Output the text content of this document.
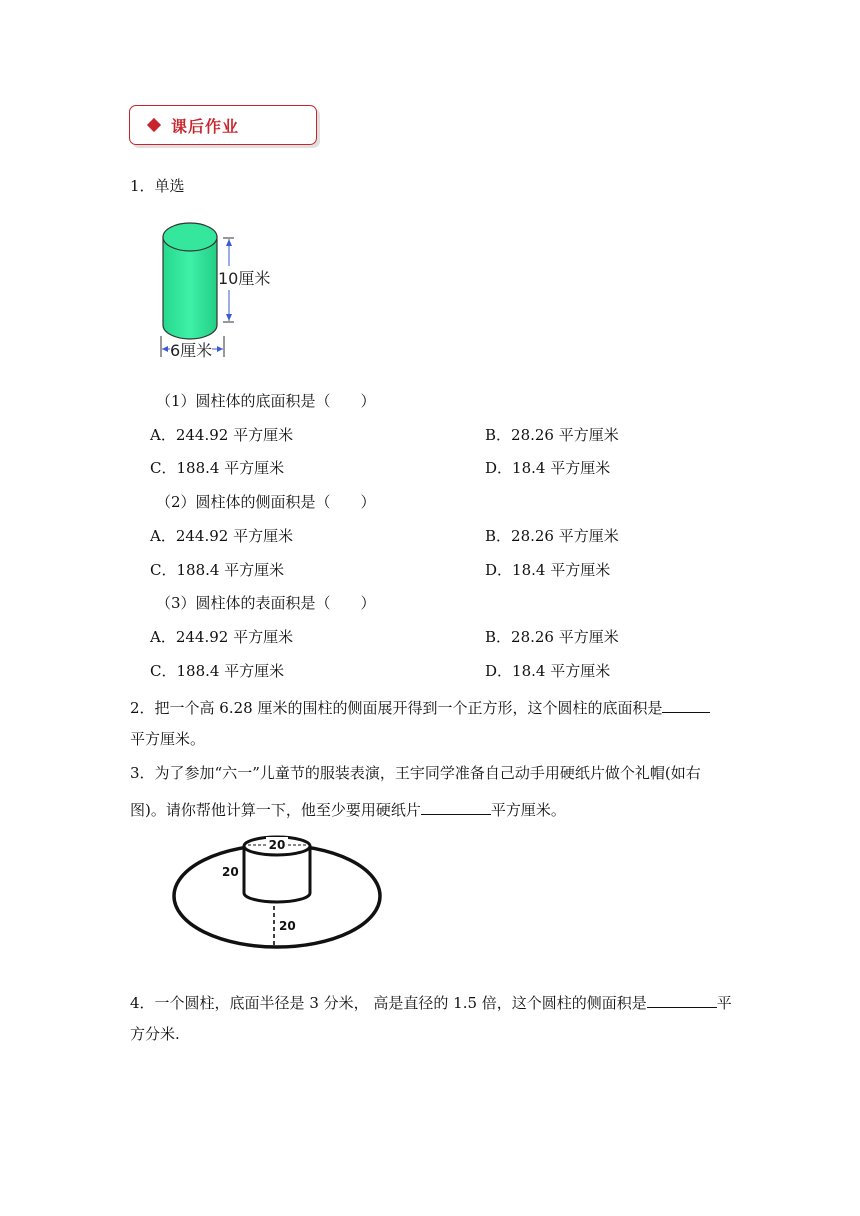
课后作业
1．单选
10厘米
6厘米
（1）圆柱体的底面积是（　　）
A．244.92 平方厘米	B．28.26 平方厘米
C．188.4 平方厘米	D．18.4 平方厘米
（2）圆柱体的侧面积是（　　）
A．244.92 平方厘米	B．28.26 平方厘米
C．188.4 平方厘米	D．18.4 平方厘米
（3）圆柱体的表面积是（　　）
A．244.92 平方厘米	B．28.26 平方厘米
C．188.4 平方厘米	D．18.4 平方厘米
2．把一个高 6.28 厘米的围柱的侧面展开得到一个正方形，这个圆柱的底面积是
平方厘米。
3．为了参加“六一”儿童节的服装表演，王宇同学准备自己动手用硬纸片做个礼帽(如右
图)。请你帮他计算一下，他至少要用硬纸片	平方厘米。
20
20
20
4．一个圆柱，底面半径是 3 分米， 高是直径的 1.5 倍，这个圆柱的侧面积是	平
方分米.
